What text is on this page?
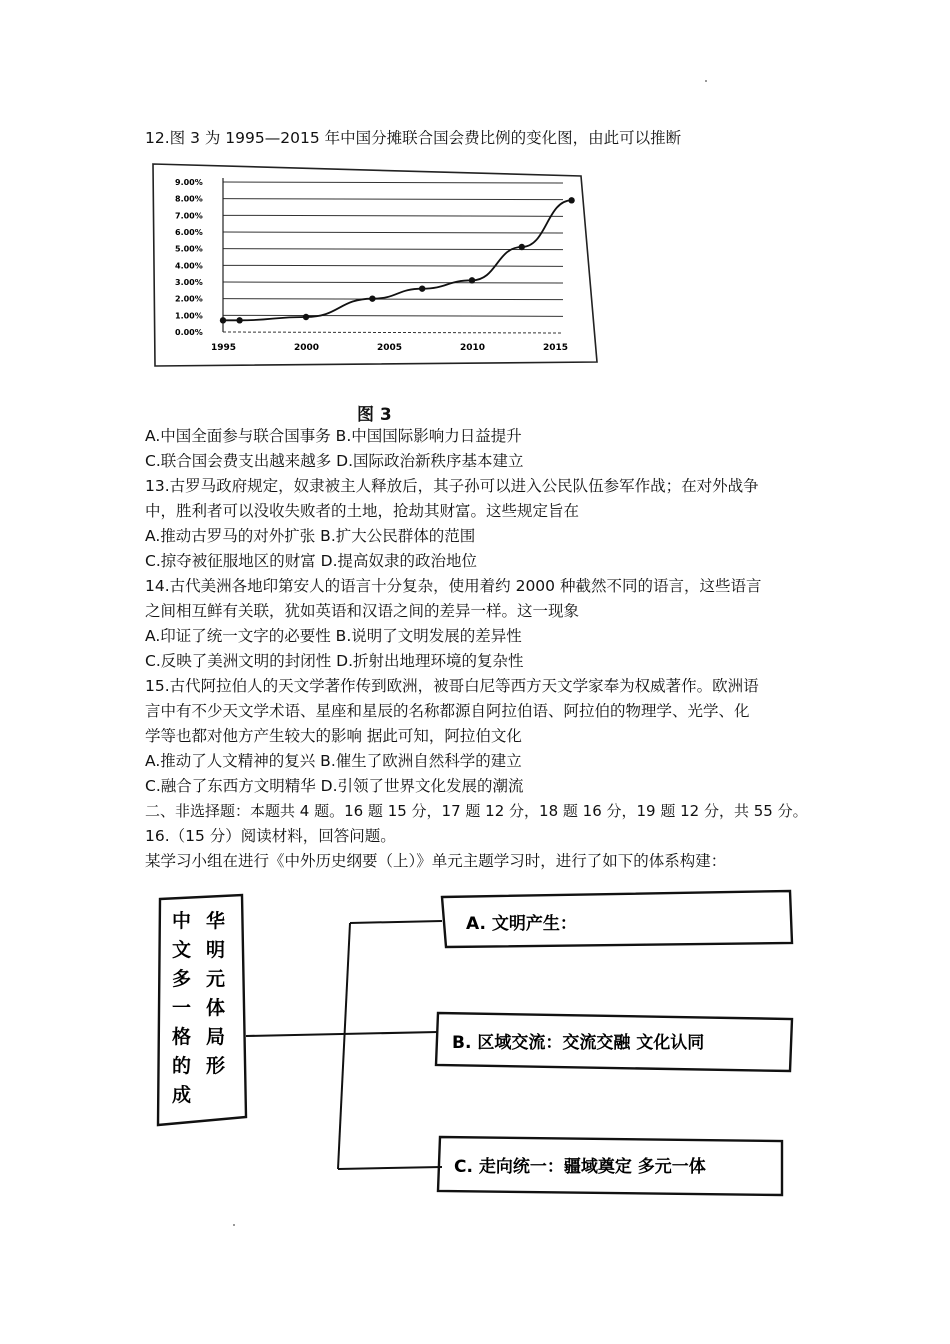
12.图 3 为 1995—2015 年中国分摊联合国会费比例的变化图，由此可以推断
0.00%
1.00%
2.00%
3.00%
4.00%
5.00%
6.00%
7.00%
8.00%
9.00%
1995	2000	2005	2010	2015
图 3
A.中国全面参与联合国事务 B.中国国际影响力日益提升
C.联合国会费支出越来越多 D.国际政治新秩序基本建立
13.古罗马政府规定，奴隶被主人释放后，其子孙可以进入公民队伍参军作战；在对外战争
中，胜利者可以没收失败者的土地，抢劫其财富。这些规定旨在
A.推动古罗马的对外扩张 B.扩大公民群体的范围
C.掠夺被征服地区的财富 D.提高奴隶的政治地位
14.古代美洲各地印第安人的语言十分复杂，使用着约 2000 种截然不同的语言，这些语言
之间相互鲜有关联，犹如英语和汉语之间的差异一样。这一现象
A.印证了统一文字的必要性 B.说明了文明发展的差异性
C.反映了美洲文明的封闭性 D.折射出地理环境的复杂性
15.古代阿拉伯人的天文学著作传到欧洲，被哥白尼等西方天文学家奉为权威著作。欧洲语
言中有不少天文学术语、星座和星辰的名称都源自阿拉伯语、阿拉伯的物理学、光学、化
学等也都对他方产生较大的影响 据此可知，阿拉伯文化
A.推动了人文精神的复兴 B.催生了欧洲自然科学的建立
C.融合了东西方文明精华 D.引领了世界文化发展的潮流
二、非选择题：本题共 4 题。16 题 15 分，17 题 12 分，18 题 16 分，19 题 12 分，共 55 分。
16.（15 分）阅读材料，回答问题。
某学习小组在进行《中外历史纲要（上）》单元主题学习时，进行了如下的体系构建：
中
文
多
一
格
的
成
华
明
元
体
局
形
A. 文明产生：
B. 区域交流：交流交融 文化认同
C. 走向统一：疆域奠定 多元一体
